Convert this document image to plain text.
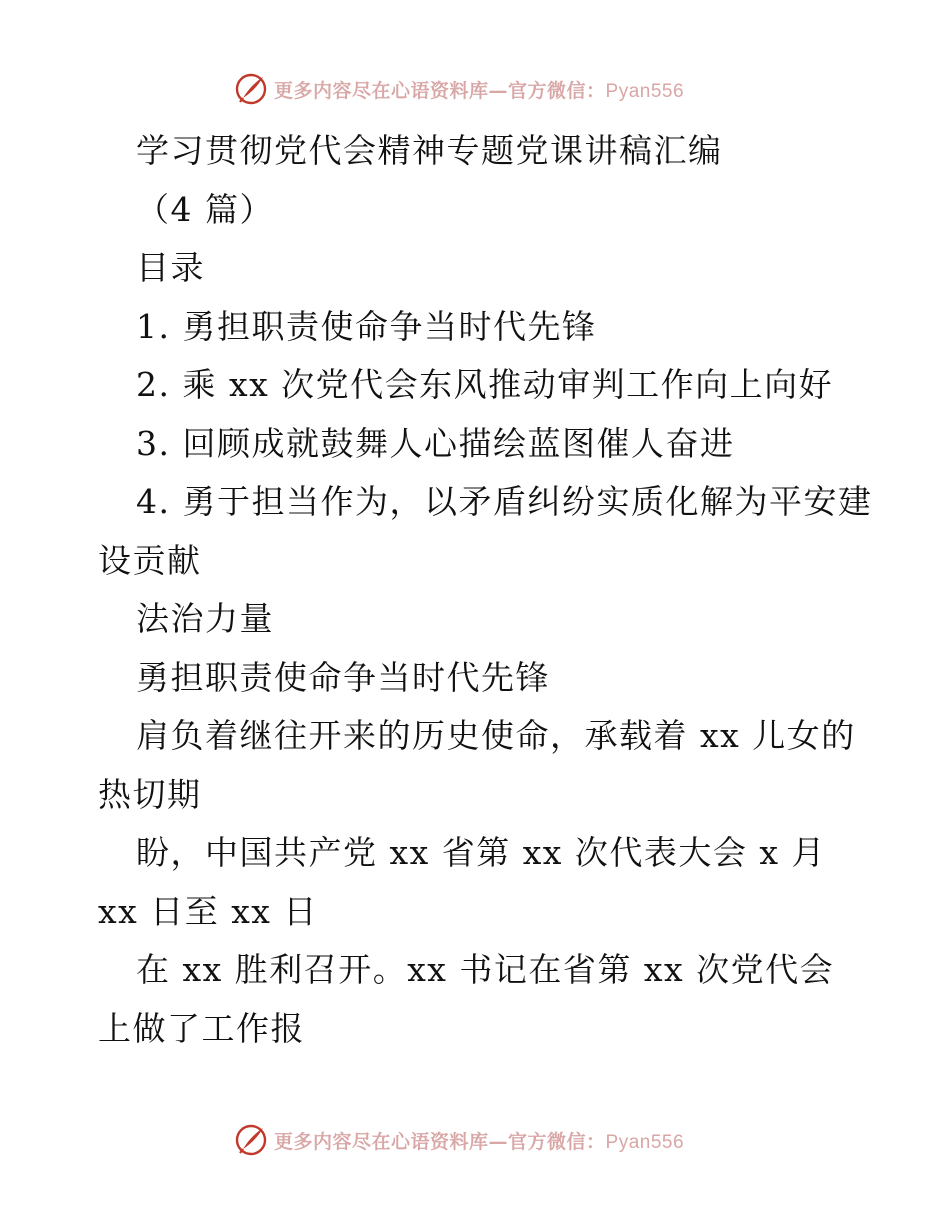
更多内容尽在心语资料库—官方微信：Pyan556

学习贯彻党代会精神专题党课讲稿汇编

（4 篇）

目录

1. 勇担职责使命争当时代先锋

2. 乘 xx 次党代会东风推动审判工作向上向好

3. 回顾成就鼓舞人心描绘蓝图催人奋进

4. 勇于担当作为，以矛盾纠纷实质化解为平安建

设贡献

法治力量

勇担职责使命争当时代先锋

肩负着继往开来的历史使命，承载着 xx 儿女的

热切期

盼，中国共产党 xx 省第 xx 次代表大会 x 月

xx 日至 xx 日

在 xx 胜利召开。xx 书记在省第 xx 次党代会

上做了工作报

更多内容尽在心语资料库—官方微信：Pyan556
